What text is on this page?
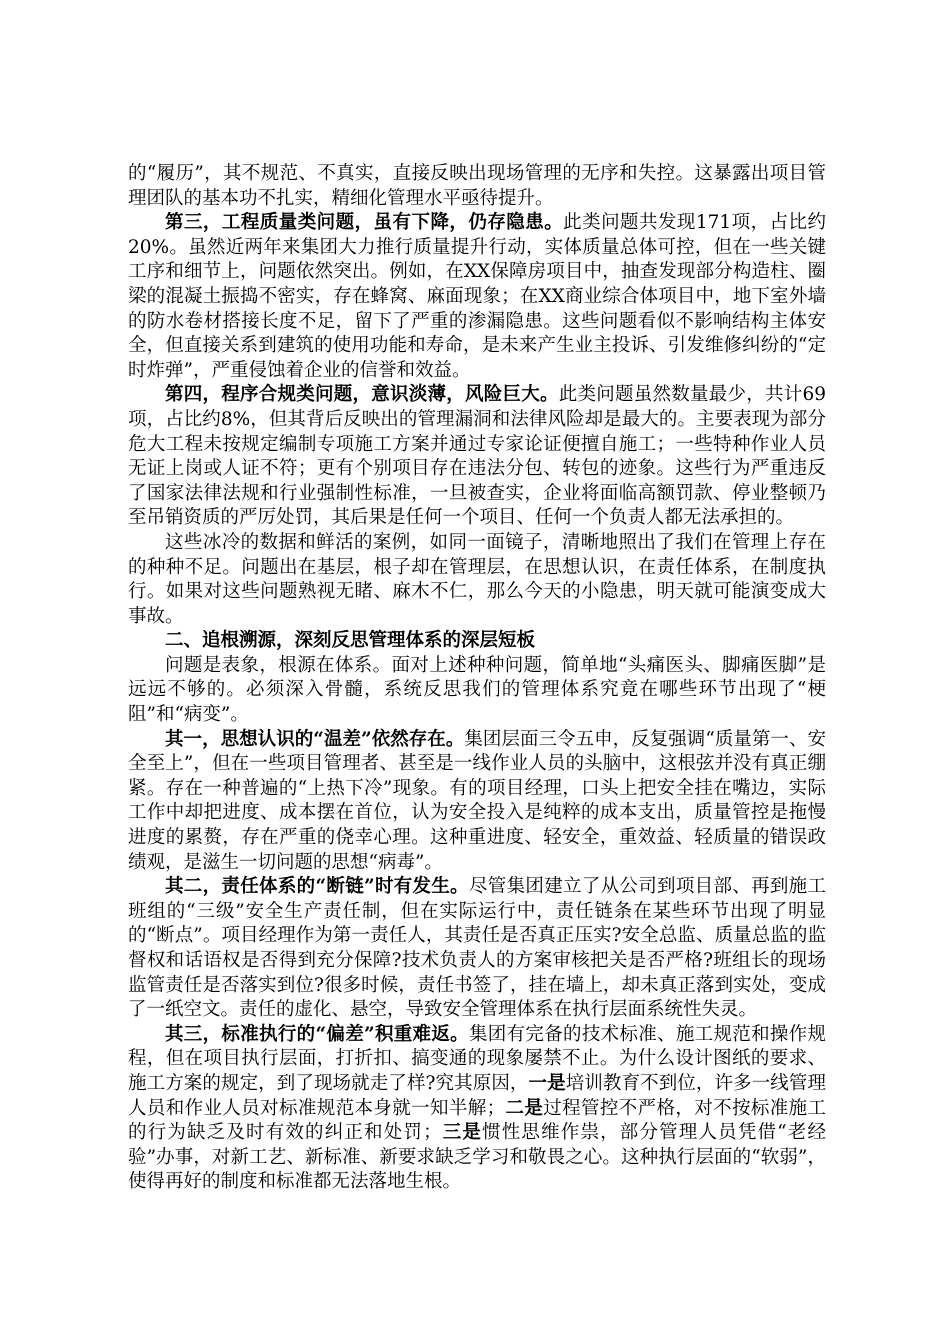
的“履历”，其不规范、不真实，直接反映出现场管理的无序和失控。这暴露出项目管理团队的基本功不扎实，精细化管理水平亟待提升。

第三，工程质量类问题，虽有下降，仍存隐患。此类问题共发现171项，占比约20%。虽然近两年来集团大力推行质量提升行动，实体质量总体可控，但在一些关键工序和细节上，问题依然突出。例如，在XX保障房项目中，抽查发现部分构造柱、圈梁的混凝土振捣不密实，存在蜂窝、麻面现象；在XX商业综合体项目中，地下室外墙的防水卷材搭接长度不足，留下了严重的渗漏隐患。这些问题看似不影响结构主体安全，但直接关系到建筑的使用功能和寿命，是未来产生业主投诉、引发维修纠纷的“定时炸弹”，严重侵蚀着企业的信誉和效益。

第四，程序合规类问题，意识淡薄，风险巨大。此类问题虽然数量最少，共计69项，占比约8%，但其背后反映出的管理漏洞和法律风险却是最大的。主要表现为部分危大工程未按规定编制专项施工方案并通过专家论证便擅自施工；一些特种作业人员无证上岗或人证不符；更有个别项目存在违法分包、转包的迹象。这些行为严重违反了国家法律法规和行业强制性标准，一旦被查实，企业将面临高额罚款、停业整顿乃至吊销资质的严厉处罚，其后果是任何一个项目、任何一个负责人都无法承担的。

这些冰冷的数据和鲜活的案例，如同一面镜子，清晰地照出了我们在管理上存在的种种不足。问题出在基层，根子却在管理层，在思想认识，在责任体系，在制度执行。如果对这些问题熟视无睹、麻木不仁，那么今天的小隐患，明天就可能演变成大事故。

二、追根溯源，深刻反思管理体系的深层短板

问题是表象，根源在体系。面对上述种种问题，简单地“头痛医头、脚痛医脚”是远远不够的。必须深入骨髓，系统反思我们的管理体系究竟在哪些环节出现了“梗阻”和“病变”。

其一，思想认识的“温差”依然存在。集团层面三令五申，反复强调“质量第一、安全至上”，但在一些项目管理者、甚至是一线作业人员的头脑中，这根弦并没有真正绷紧。存在一种普遍的“上热下冷”现象。有的项目经理，口头上把安全挂在嘴边，实际工作中却把进度、成本摆在首位，认为安全投入是纯粹的成本支出，质量管控是拖慢进度的累赘，存在严重的侥幸心理。这种重进度、轻安全，重效益、轻质量的错误政绩观，是滋生一切问题的思想“病毒”。

其二，责任体系的“断链”时有发生。尽管集团建立了从公司到项目部、再到施工班组的“三级”安全生产责任制，但在实际运行中，责任链条在某些环节出现了明显的“断点”。项目经理作为第一责任人，其责任是否真正压实?安全总监、质量总监的监督权和话语权是否得到充分保障?技术负责人的方案审核把关是否严格?班组长的现场监管责任是否落实到位?很多时候，责任书签了，挂在墙上，却未真正落到实处，变成了一纸空文。责任的虚化、悬空，导致安全管理体系在执行层面系统性失灵。

其三，标准执行的“偏差”积重难返。集团有完备的技术标准、施工规范和操作规程，但在项目执行层面，打折扣、搞变通的现象屡禁不止。为什么设计图纸的要求、施工方案的规定，到了现场就走了样?究其原因，一是培训教育不到位，许多一线管理人员和作业人员对标准规范本身就一知半解；二是过程管控不严格，对不按标准施工的行为缺乏及时有效的纠正和处罚；三是惯性思维作祟，部分管理人员凭借“老经验”办事，对新工艺、新标准、新要求缺乏学习和敬畏之心。这种执行层面的“软弱”，使得再好的制度和标准都无法落地生根。
